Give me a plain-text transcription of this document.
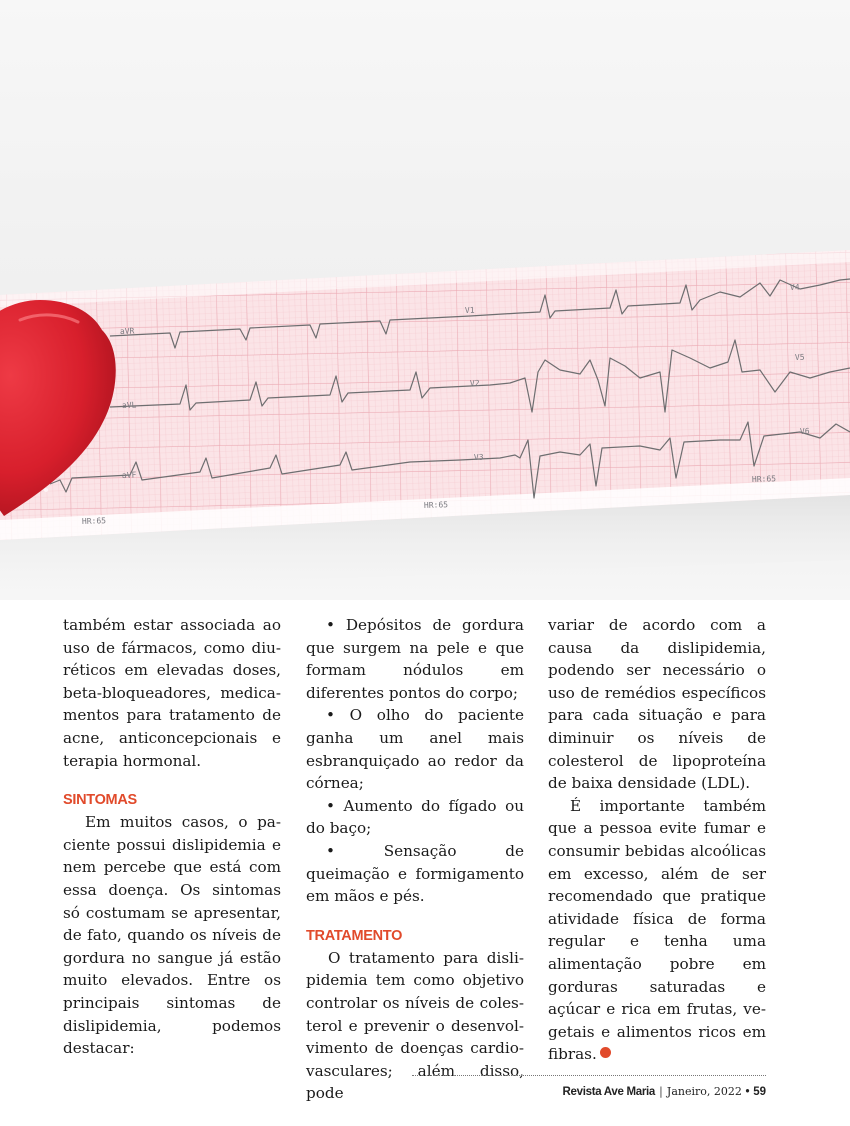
aVR
aVL
aVF
V1
V2
V3
V4
V5
V6
HR:65
HR:65
HR:65

também estar associada ao uso de fármacos, como diuréticos em elevadas doses, beta-bloqueadores, medicamentos para tratamento de acne, anticoncepcionais e terapia hormonal.

SINTOMAS

Em muitos casos, o paciente possui dislipidemia e nem percebe que está com essa doença. Os sintomas só costumam se apresentar, de fato, quando os níveis de gordura no sangue já estão muito elevados. Entre os principais sintomas de dislipidemia, podemos destacar:

• Depósitos de gordura que surgem na pele e que formam nódulos em diferentes pontos do corpo;

• O olho do paciente ganha um anel mais esbranquiçado ao redor da córnea;

• Aumento do fígado ou do baço;

• Sensação de queimação e formigamento em mãos e pés.

TRATAMENTO

O tratamento para dislipidemia tem como objetivo controlar os níveis de colesterol e prevenir o desenvolvimento de doenças cardiovasculares; além disso, pode

variar de acordo com a causa da dislipidemia, podendo ser necessário o uso de remédios específicos para cada situação e para diminuir os níveis de colesterol de lipoproteína de baixa densidade (LDL).

É importante também que a pessoa evite fumar e consumir bebidas alcoólicas em excesso, além de ser recomendado que pratique atividade física de forma regular e tenha uma alimentação pobre em gorduras saturadas e açúcar e rica em frutas, vegetais e alimentos ricos em fibras.

Revista Ave Maria | Janeiro, 2022 • 59
